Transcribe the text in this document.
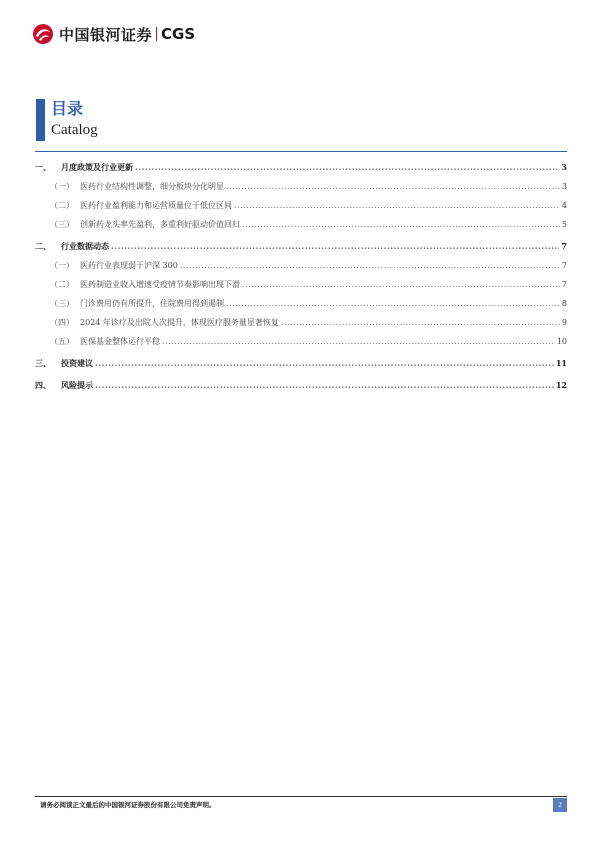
中国银河证券 CGS
目录
Catalog
一、	月度政策及行业更新 .....	3
（一） 医药行业结构性调整，细分板块分化明显 .....	3
（二） 医药行业盈利能力和运营质量位于低位区间 .....	4
（三） 创新药龙头率先盈利，多重利好驱动价值回归 .....	5
二、	行业数据动态 .....	7
（一） 医药行业表现弱于沪深 300 .....	7
（二） 医药制造业收入增速受疫情节奏影响出现下滑 .....	7
（三） 门诊费用仍有所提升，住院费用得到遏制 .....	8
（四） 2024 年诊疗及出院人次提升，体现医疗服务量显著恢复 .....	9
（五） 医保基金整体运行平稳 .....	10
三、	投资建议 .....	11
四、	风险提示 .....	12
请务必阅读正文最后的中国银河证券股份有限公司免责声明。	2
